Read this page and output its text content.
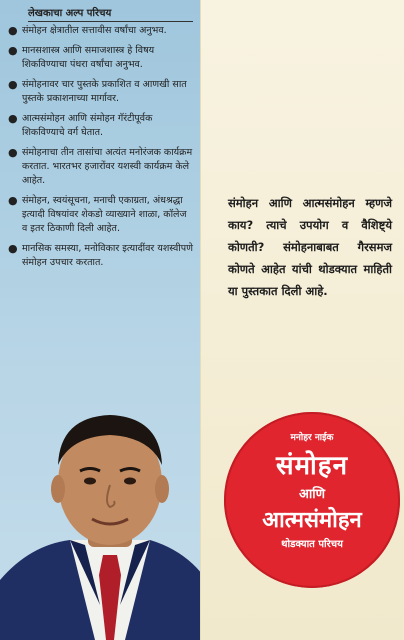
लेखकाचा अल्प परिचय
● संमोहन क्षेत्रातील सत्तावीस वर्षांचा अनुभव.
● मानसशास्त्र आणि समाजशास्त्र हे विषय शिकविण्याचा पंधरा वर्षांचा अनुभव.
● संमोहनावर चार पुस्तके प्रकाशित व आणखी सात पुस्तके प्रकाशनाच्या मार्गावर.
● आत्मसंमोहन आणि संमोहन गॅरंटीपूर्वक शिकविण्याचे वर्ग घेतात.
● संमोहनाचा तीन तासांचा अत्यंत मनोरंजक कार्यक्रम करतात. भारतभर हजारोंवर यशस्वी कार्यक्रम केले आहेत.
● संमोहन, स्वयंसूचना, मनाची एकाग्रता, अंधश्रद्धा इत्यादी विषयांवर शेकडो व्याख्याने शाळा, कॉलेज व इतर ठिकाणी दिली आहेत.
● मानसिक समस्या, मनोविकार इत्यादींवर यशस्वीपणे संमोहन उपचार करतात.

संमोहन आणि आत्मसंमोहन म्हणजे काय? त्याचे उपयोग व वैशिष्ट्ये कोणती? संमोहनाबाबत गैरसमज कोणते आहेत यांची थोडक्यात माहिती या पुस्तकात दिली आहे.

मनोहर नाईक
संमोहन
आणि
आत्मसंमोहन
थोडक्यात परिचय
